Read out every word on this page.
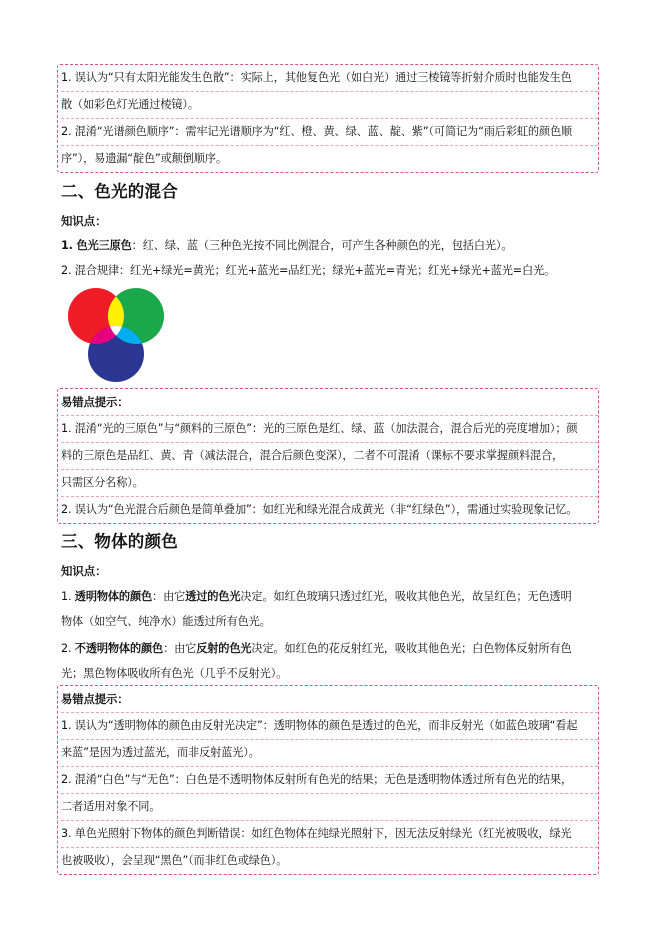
1. 误认为“只有太阳光能发生色散”：实际上，其他复色光（如白光）通过三棱镜等折射介质时也能发生色
散（如彩色灯光通过棱镜）。
2. 混淆“光谱颜色顺序”：需牢记光谱顺序为“红、橙、黄、绿、蓝、靛、紫”（可简记为“雨后彩虹的颜色顺
序”），易遗漏“靛色”或颠倒顺序。
二、色光的混合
知识点：
1. 色光三原色：红、绿、蓝（三种色光按不同比例混合，可产生各种颜色的光，包括白光）。
2. 混合规律：红光+绿光=黄光；红光+蓝光=品红光；绿光+蓝光=青光；红光+绿光+蓝光=白光。
易错点提示：
1. 混淆“光的三原色”与“颜料的三原色”：光的三原色是红、绿、蓝（加法混合，混合后光的亮度增加）；颜
料的三原色是品红、黄、青（减法混合，混合后颜色变深），二者不可混淆（课标不要求掌握颜料混合，
只需区分名称）。
2. 误认为“色光混合后颜色是简单叠加”：如红光和绿光混合成黄光（非“红绿色”），需通过实验现象记忆。
三、物体的颜色
知识点：
1. 透明物体的颜色：由它透过的色光决定。如红色玻璃只透过红光，吸收其他色光，故呈红色；无色透明
物体（如空气、纯净水）能透过所有色光。
2. 不透明物体的颜色：由它反射的色光决定。如红色的花反射红光，吸收其他色光；白色物体反射所有色
光；黑色物体吸收所有色光（几乎不反射光）。
易错点提示：
1. 误认为“透明物体的颜色由反射光决定”：透明物体的颜色是透过的色光，而非反射光（如蓝色玻璃“看起
来蓝”是因为透过蓝光，而非反射蓝光）。
2. 混淆“白色”与“无色”：白色是不透明物体反射所有色光的结果；无色是透明物体透过所有色光的结果，
二者适用对象不同。
3. 单色光照射下物体的颜色判断错误：如红色物体在纯绿光照射下，因无法反射绿光（红光被吸收，绿光
也被吸收），会呈现“黑色”（而非红色或绿色）。
